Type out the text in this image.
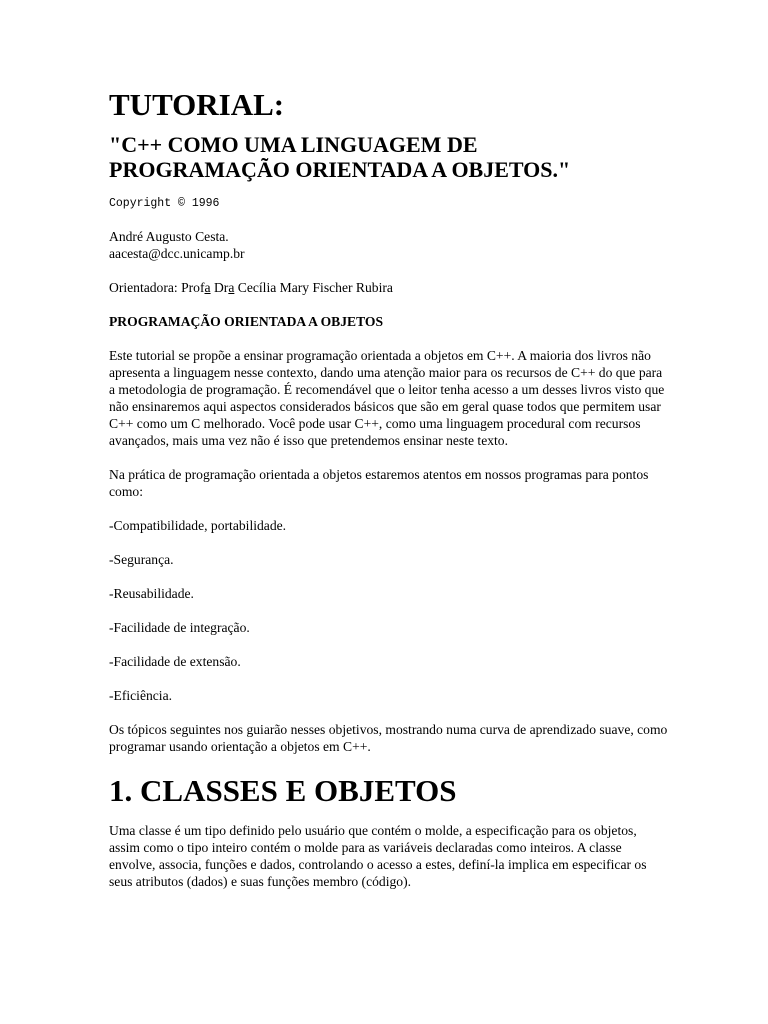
TUTORIAL:
"C++ COMO UMA LINGUAGEM DE
PROGRAMAÇÃO ORIENTADA A OBJETOS."
Copyright © 1996

André Augusto Cesta.
aacesta@dcc.unicamp.br

Orientadora: Profa Dra Cecília Mary Fischer Rubira

PROGRAMAÇÃO ORIENTADA A OBJETOS

Este tutorial se propõe a ensinar programação orientada a objetos em C++. A maioria dos livros não apresenta a linguagem nesse contexto, dando uma atenção maior para os recursos de C++ do que para a metodologia de programação. É recomendável que o leitor tenha acesso a um desses livros visto que não ensinaremos aqui aspectos considerados básicos que são em geral quase todos que permitem usar C++ como um C melhorado. Você pode usar C++, como uma linguagem procedural com recursos avançados, mais uma vez não é isso que pretendemos ensinar neste texto.

Na prática de programação orientada a objetos estaremos atentos em nossos programas para pontos como:

-Compatibilidade, portabilidade.

-Segurança.

-Reusabilidade.

-Facilidade de integração.

-Facilidade de extensão.

-Eficiência.

Os tópicos seguintes nos guiarão nesses objetivos, mostrando numa curva de aprendizado suave, como programar usando orientação a objetos em C++.

1. CLASSES E OBJETOS

Uma classe é um tipo definido pelo usuário que contém o molde, a especificação para os objetos, assim como o tipo inteiro contém o molde para as variáveis declaradas como inteiros. A classe envolve, associa, funções e dados, controlando o acesso a estes, definí-la implica em especificar os seus atributos (dados) e suas funções membro (código).
